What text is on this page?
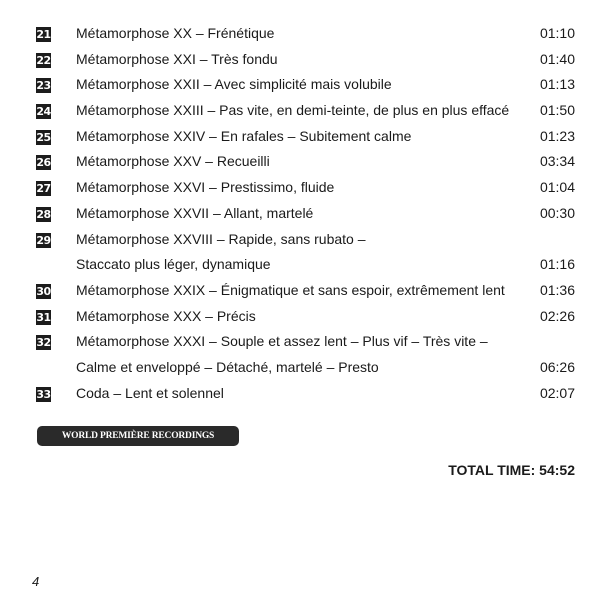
21 Métamorphose XX – Frénétique	01:10
22 Métamorphose XXI – Très fondu	01:40
23 Métamorphose XXII – Avec simplicité mais volubile	01:13
24 Métamorphose XXIII – Pas vite, en demi-teinte, de plus en plus effacé 01:50
25 Métamorphose XXIV – En rafales – Subitement calme	01:23
26 Métamorphose XXV – Recueilli	03:34
27 Métamorphose XXVI – Prestissimo, fluide	01:04
28 Métamorphose XXVII – Allant, martelé	00:30
29 Métamorphose XXVIII – Rapide, sans rubato –
Staccato plus léger, dynamique	01:16
30 Métamorphose XXIX – Énigmatique et sans espoir, extrêmement lent	01:36
31 Métamorphose XXX – Précis	02:26
32 Métamorphose XXXI – Souple et assez lent – Plus vif – Très vite –
Calme et enveloppé – Détaché, martelé – Presto	06:26
33 Coda – Lent et solennel	02:07
WORLD PREMIÈRE RECORDINGS
TOTAL TIME: 54:52
4
